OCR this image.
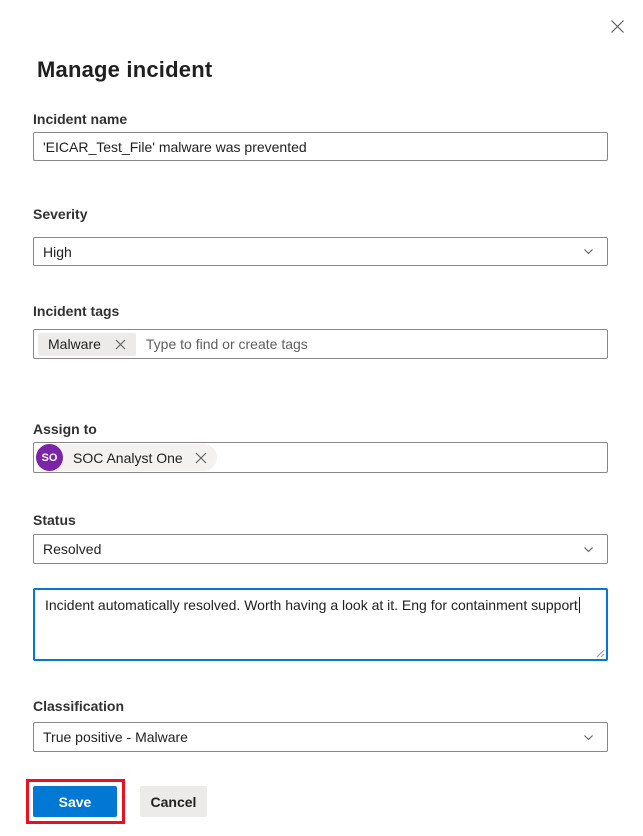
Manage incident
Incident name
'EICAR_Test_File' malware was prevented
Severity
High
Incident tags
Malware
Type to find or create tags
Assign to
SO	SOC Analyst One
Status
Resolved
Incident automatically resolved. Worth having a look at it. Eng for containment support
Classification
True positive - Malware
Save	Cancel
